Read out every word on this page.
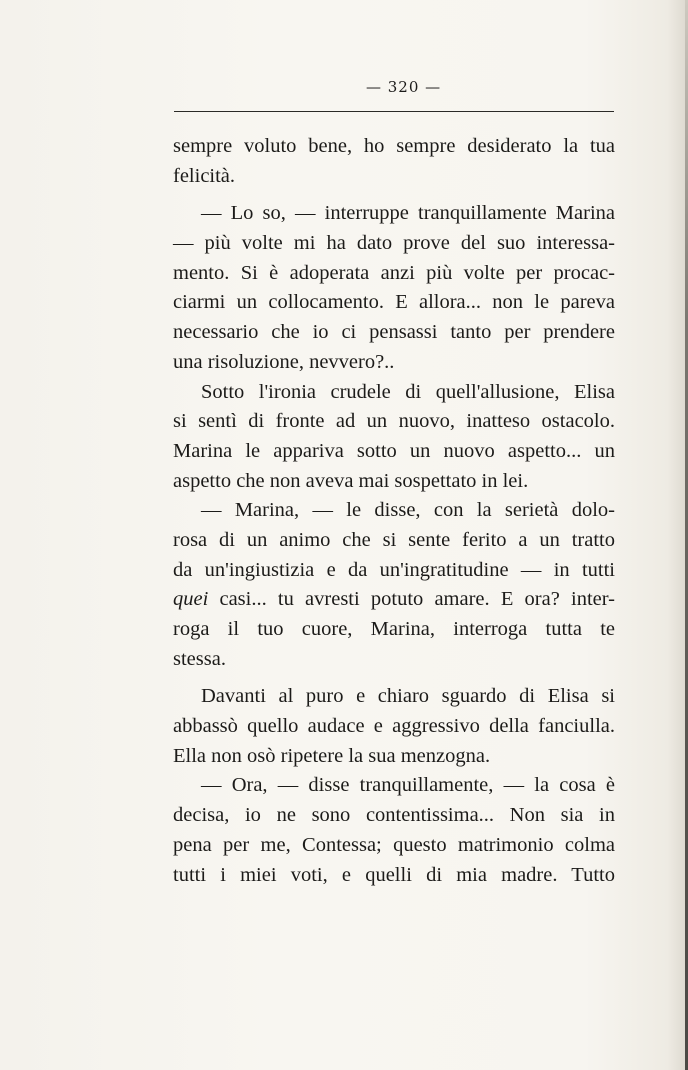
— 320 —
sempre voluto bene, ho sempre desiderato la tua
felicità.
— Lo so, — interruppe tranquillamente Marina
— più volte mi ha dato prove del suo interessa-
mento. Si è adoperata anzi più volte per procac-
ciarmi un collocamento. E allora... non le pareva
necessario che io ci pensassi tanto per prendere
una risoluzione, nevvero?..
Sotto l'ironia crudele di quell'allusione, Elisa
si sentì di fronte ad un nuovo, inatteso ostacolo.
Marina le appariva sotto un nuovo aspetto... un
aspetto che non aveva mai sospettato in lei.
— Marina, — le disse, con la serietà dolo-
rosa di un animo che si sente ferito a un tratto
da un'ingiustizia e da un'ingratitudine — in tutti
quei casi... tu avresti potuto amare. E ora? inter-
roga il tuo cuore, Marina, interroga tutta te
stessa.
Davanti al puro e chiaro sguardo di Elisa si
abbassò quello audace e aggressivo della fanciulla.
Ella non osò ripetere la sua menzogna.
— Ora, — disse tranquillamente, — la cosa è
decisa, io ne sono contentissima... Non sia in
pena per me, Contessa; questo matrimonio colma
tutti i miei voti, e quelli di mia madre. Tutto
